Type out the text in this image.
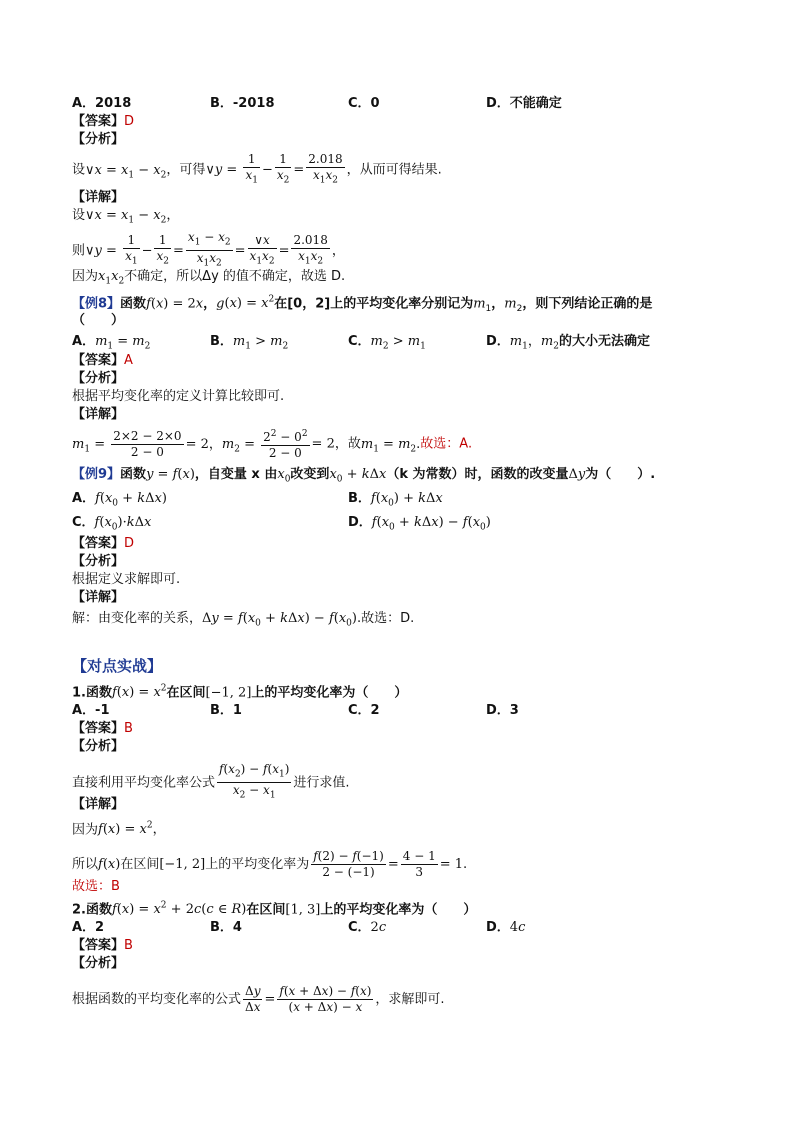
A．2018	B．-2018	C．0	D．不能确定
【答案】D
【分析】
设∨x = $x_1 - x_2$，可得∨y = $\frac{1}{x_1} - \frac{1}{x_2} = \frac{2.018}{x_1x_2}$ ，从而可得结果.
【详解】
设∨x = $x_1 - x_2$，
则∨y = $\frac{1}{x_1} - \frac{1}{x_2} = \frac{x_1 - x_2}{x_1x_2} = \frac{\vee x}{x_1x_2} = \frac{2.018}{x_1x_2}$ ，
因为$x_1x_2$不确定，所以Δy 的值不确定，故选 D.
【例8】函数f(x) = 2x，$g(x) = x^2$在[0，2]上的平均变化率分别记为$m_1$，$m_2$，则下列结论正确的是
（　　）
A．$m_1 = m_2$	B．$m_1 > m_2$	C．$m_2 > m_1$	D．$m_1$，$m_2$的大小无法确定
【答案】A
【分析】
根据平均变化率的定义计算比较即可.
【详解】
$m_1 = \frac{2\times 2 - 2\times 0}{2 - 0} = 2$，$m_2 = \frac{2^2 - 0^2}{2 - 0} = 2$，故$m_1 = m_2$.故选：A.
【例9】函数y = f(x)，自变量 x 由$x_0$改变到$x_0 + k\Delta x(k$ 为常数）时，函数的改变量Δy为（　　）.
A．$f(x_0 + k\Delta x)$	B．$f(x_0) + k\Delta x$
C．$f(x_0)\cdot k\Delta x$	D．$f(x_0 + k\Delta x) - f(x_0)$
【答案】D
【分析】
根据定义求解即可.
【详解】
解：由变化率的关系，$\Delta y = f(x_0 + k\Delta x) - f(x_0)$.故选：D.
【对点实战】
1.函数$f(x) = x^2$在区间[−1, 2]上的平均变化率为（　　）
A．-1	B．1	C．2	D．3
【答案】B
【分析】
直接利用平均变化率公式 $\frac{f(x_2) - f(x_1)}{x_2 - x_1}$ 进行求值.
【详解】
因为$f(x) = x^2$，
所以f(x)在区间[−1, 2]上的平均变化率为 $\frac{f(2) - f(-1)}{2 - (-1)} = \frac{4 - 1}{3} = 1$.
故选：B
2.函数$f(x) = x^2 + 2c(c$ ∈ R)在区间[1, 3]上的平均变化率为（　　）
A．2	B．4	C．2c	D．4c
【答案】B
【分析】
根据函数的平均变化率的公式 $\frac{\Delta y}{\Delta x} = \frac{f(x + \Delta x) - f(x)}{(x + \Delta x) - x}$ ，求解即可.
